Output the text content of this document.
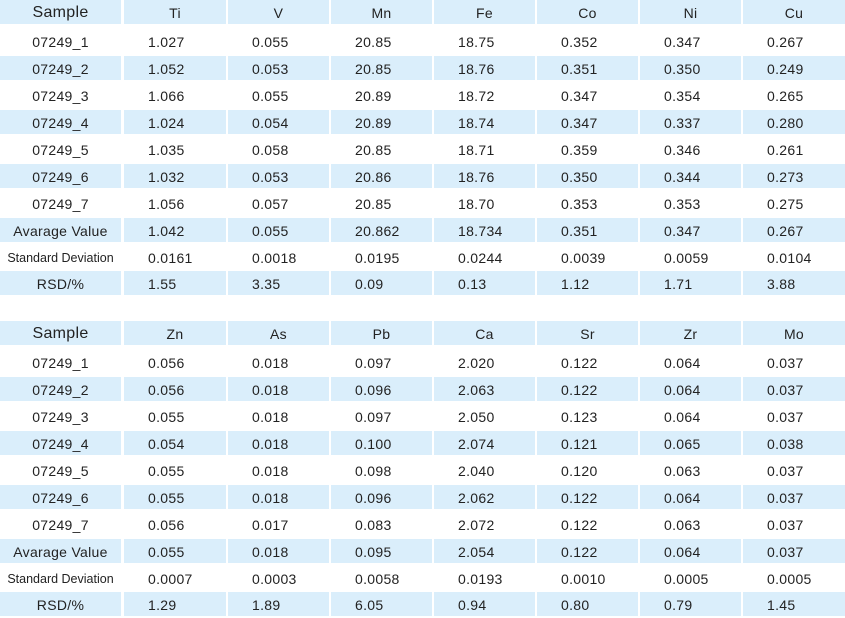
Sample	Ti	V	Mn	Fe	Co	Ni	Cu
07249_1	1.027	0.055	20.85	18.75	0.352	0.347	0.267
07249_2	1.052	0.053	20.85	18.76	0.351	0.350	0.249
07249_3	1.066	0.055	20.89	18.72	0.347	0.354	0.265
07249_4	1.024	0.054	20.89	18.74	0.347	0.337	0.280
07249_5	1.035	0.058	20.85	18.71	0.359	0.346	0.261
07249_6	1.032	0.053	20.86	18.76	0.350	0.344	0.273
07249_7	1.056	0.057	20.85	18.70	0.353	0.353	0.275
Avarage Value	1.042	0.055	20.862	18.734	0.351	0.347	0.267
Standard Deviation	0.0161	0.0018	0.0195	0.0244	0.0039	0.0059	0.0104
RSD/%	1.55	3.35	0.09	0.13	1.12	1.71	3.88
Sample	Zn	As	Pb	Ca	Sr	Zr	Mo
07249_1	0.056	0.018	0.097	2.020	0.122	0.064	0.037
07249_2	0.056	0.018	0.096	2.063	0.122	0.064	0.037
07249_3	0.055	0.018	0.097	2.050	0.123	0.064	0.037
07249_4	0.054	0.018	0.100	2.074	0.121	0.065	0.038
07249_5	0.055	0.018	0.098	2.040	0.120	0.063	0.037
07249_6	0.055	0.018	0.096	2.062	0.122	0.064	0.037
07249_7	0.056	0.017	0.083	2.072	0.122	0.063	0.037
Avarage Value	0.055	0.018	0.095	2.054	0.122	0.064	0.037
Standard Deviation	0.0007	0.0003	0.0058	0.0193	0.0010	0.0005	0.0005
RSD/%	1.29	1.89	6.05	0.94	0.80	0.79	1.45
